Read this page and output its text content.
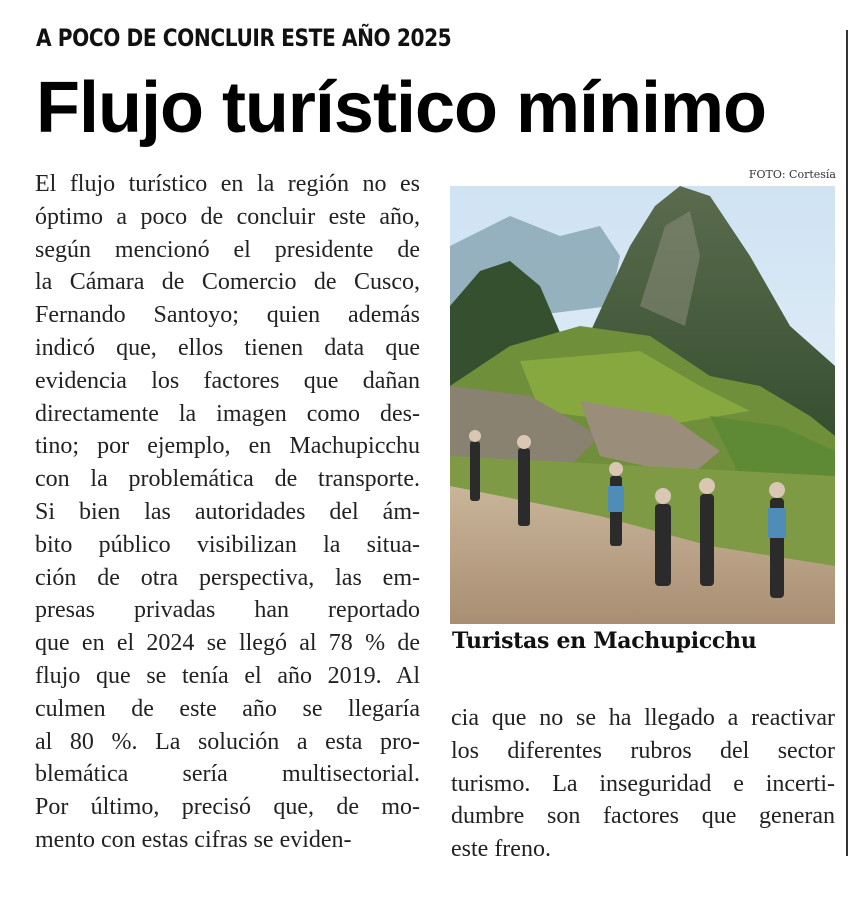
A POCO DE CONCLUIR ESTE AÑO 2025
Flujo turístico mínimo
El flujo turístico en la región no es
óptimo a poco de concluir este año,
según mencionó el presidente de
la Cámara de Comercio de Cusco,
Fernando Santoyo; quien además
indicó que, ellos tienen data que
evidencia los factores que dañan
directamente la imagen como des-
tino; por ejemplo, en Machupicchu
con la problemática de transporte.
Si bien las autoridades del ám-
bito público visibilizan la situa-
ción de otra perspectiva, las em-
presas privadas han reportado
que en el 2024 se llegó al 78 % de
flujo que se tenía el año 2019. Al
culmen de este año se llegaría
al 80 %. La solución a esta pro-
blemática sería multisectorial.
Por último, precisó que, de mo-
mento con estas cifras se eviden-
FOTO: Cortesía
Turistas en Machupicchu
cia que no se ha llegado a reactivar
los diferentes rubros del sector
turismo. La inseguridad e incerti-
dumbre son factores que generan
este freno.
